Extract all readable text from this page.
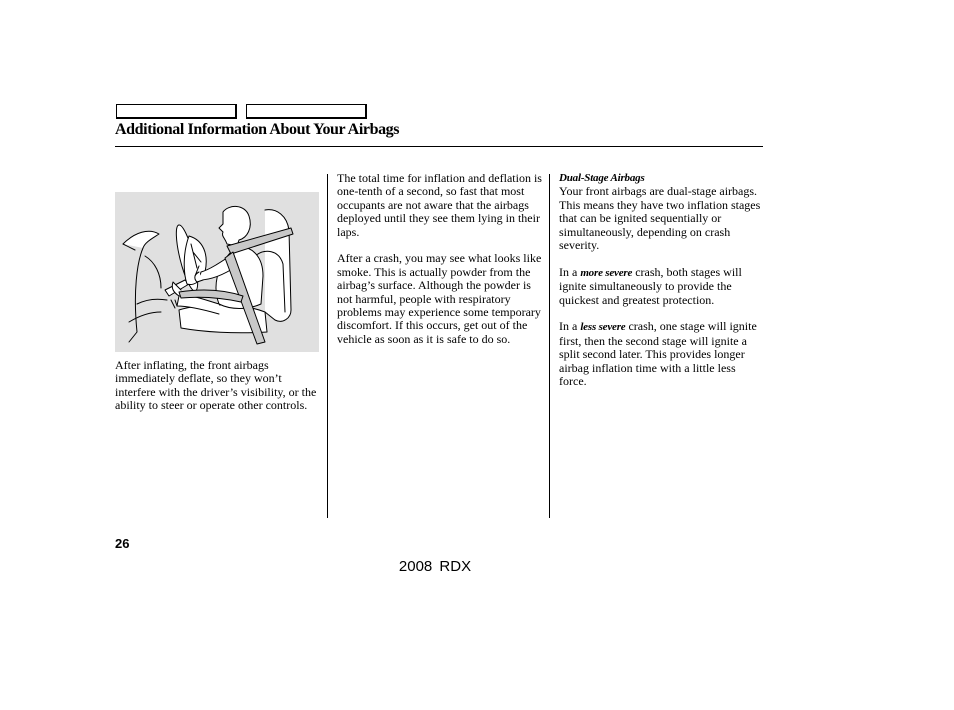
Additional Information About Your Airbags

After inflating, the front airbags immediately deflate, so they won’t interfere with the driver’s visibility, or the ability to steer or operate other controls.

The total time for inflation and deflation is one-tenth of a second, so fast that most occupants are not aware that the airbags deployed until they see them lying in their laps.

After a crash, you may see what looks like smoke. This is actually powder from the airbag’s surface. Although the powder is not harmful, people with respiratory problems may experience some temporary discomfort. If this occurs, get out of the vehicle as soon as it is safe to do so.

Dual-Stage Airbags

Your front airbags are dual-stage airbags. This means they have two inflation stages that can be ignited sequentially or simultaneously, depending on crash severity.

In a more severe crash, both stages will ignite simultaneously to provide the quickest and greatest protection.

In a less severe crash, one stage will ignite first, then the second stage will ignite a split second later. This provides longer airbag inflation time with a little less force.

26
2008 RDX
